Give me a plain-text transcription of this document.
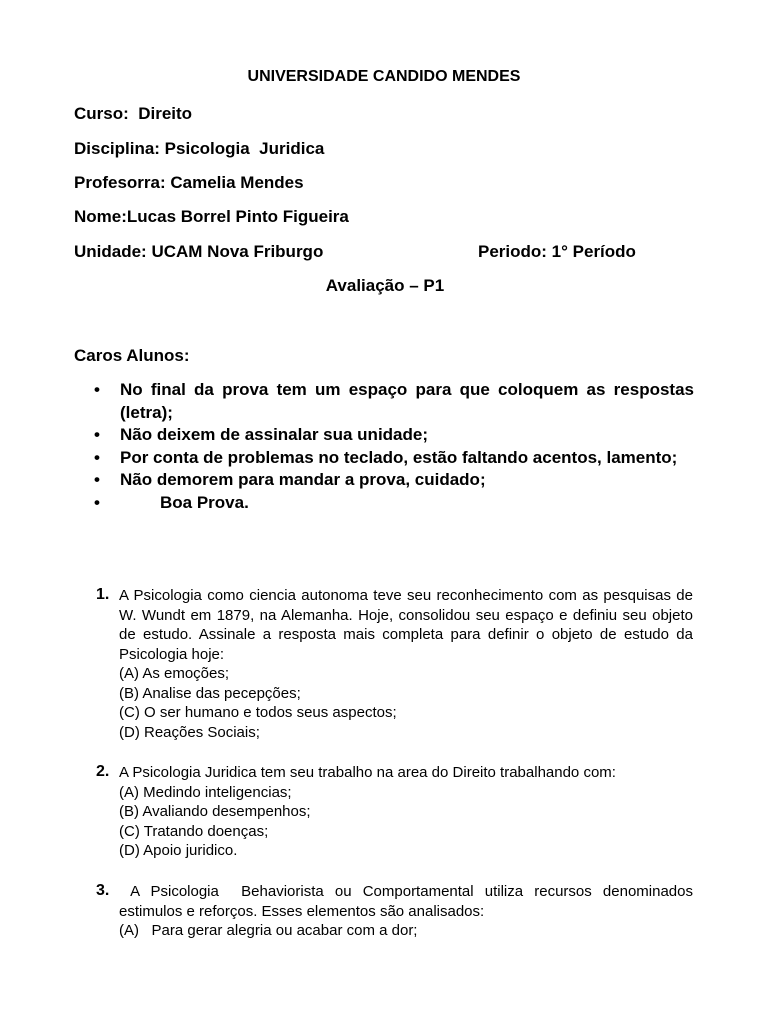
UNIVERSIDADE CANDIDO MENDES
Curso:  Direito
Disciplina: Psicologia  Juridica
Profesorra: Camelia Mendes
Nome:Lucas Borrel Pinto Figueira
Unidade: UCAM Nova Friburgo	Periodo: 1° Período
Avaliação – P1
Caros Alunos:
• No final da prova tem um espaço para que coloquem as respostas (letra);
• Não deixem de assinalar sua unidade;
• Por conta de problemas no teclado, estão faltando acentos, lamento;
• Não demorem para mandar a prova, cuidado;
• Boa Prova.
1. A Psicologia como ciencia autonoma teve seu reconhecimento com as pesquisas de W. Wundt em 1879, na Alemanha. Hoje, consolidou seu espaço e definiu seu objeto de estudo. Assinale a resposta mais completa para definir o objeto de estudo da Psicologia hoje:
(A) As emoções;
(B) Analise das pecepções;
(C) O ser humano e todos seus aspectos;
(D) Reações Sociais;
2. A Psicologia Juridica tem seu trabalho na area do Direito trabalhando com:
(A) Medindo inteligencias;
(B) Avaliando desempenhos;
(C) Tratando doenças;
(D) Apoio juridico.
3. A Psicologia  Behaviorista ou Comportamental utiliza recursos denominados estimulos e reforços. Esses elementos são analisados:
(A)   Para gerar alegria ou acabar com a dor;
